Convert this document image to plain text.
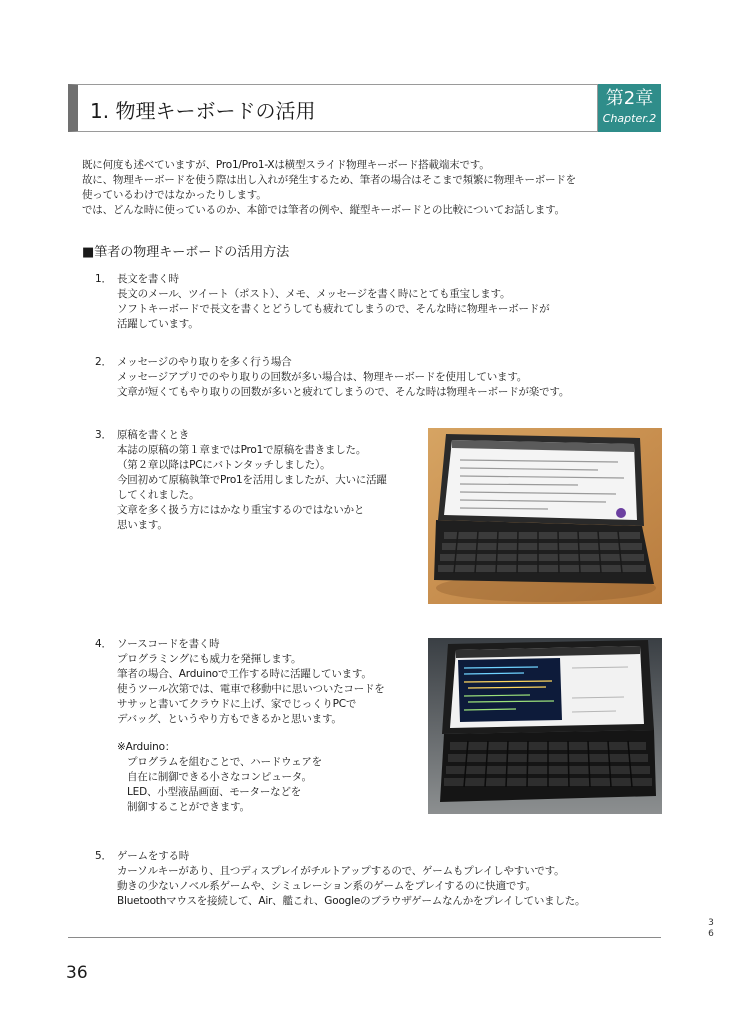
1. 物理キーボードの活用
第2章
Chapter.2

既に何度も述べていますが、Pro1/Pro1-Xは横型スライド物理キーボード搭載端末です。

故に、物理キーボードを使う際は出し入れが発生するため、筆者の場合はそこまで頻繁に物理キーボードを

使っているわけではなかったりします。

では、どんな時に使っているのか、本節では筆者の例や、縦型キーボードとの比較についてお話します。

■筆者の物理キーボードの活用方法
1． 長文を書く時

長文のメール、ツイート（ポスト）、メモ、メッセージを書く時にとても重宝します。

ソフトキーボードで長文を書くとどうしても疲れてしまうので、そんな時に物理キーボードが

活躍しています。

2． メッセージのやり取りを多く行う場合

メッセージアプリでのやり取りの回数が多い場合は、物理キーボードを使用しています。

文章が短くてもやり取りの回数が多いと疲れてしまうので、そんな時は物理キーボードが楽です。

3． 原稿を書くとき

本誌の原稿の第１章まではPro1で原稿を書きました。

（第２章以降はPCにバトンタッチしました）。

今回初めて原稿執筆でPro1を活用しましたが、大いに活躍

してくれました。

文章を多く扱う方にはかなり重宝するのではないかと

思います。

4． ソースコードを書く時

プログラミングにも威力を発揮します。

筆者の場合、Arduinoで工作する時に活躍しています。

使うツール次第では、電車で移動中に思いついたコードを

ササッと書いてクラウドに上げ、家でじっくりPCで

デバッグ、というやり方もできるかと思います。

※Arduino：

プログラムを組むことで、ハードウェアを

自在に制御できる小さなコンピュータ。

LED、小型液晶画面、モーターなどを

制御することができます。

5． ゲームをする時

カーソルキーがあり、且つディスプレイがチルトアップするので、ゲームもプレイしやすいです。

動きの少ないノベル系ゲームや、シミュレーション系のゲームをプレイするのに快適です。

Bluetoothマウスを接続して、Air、艦これ、Googleのブラウザゲームなんかをプレイしていました。

3
6
36
